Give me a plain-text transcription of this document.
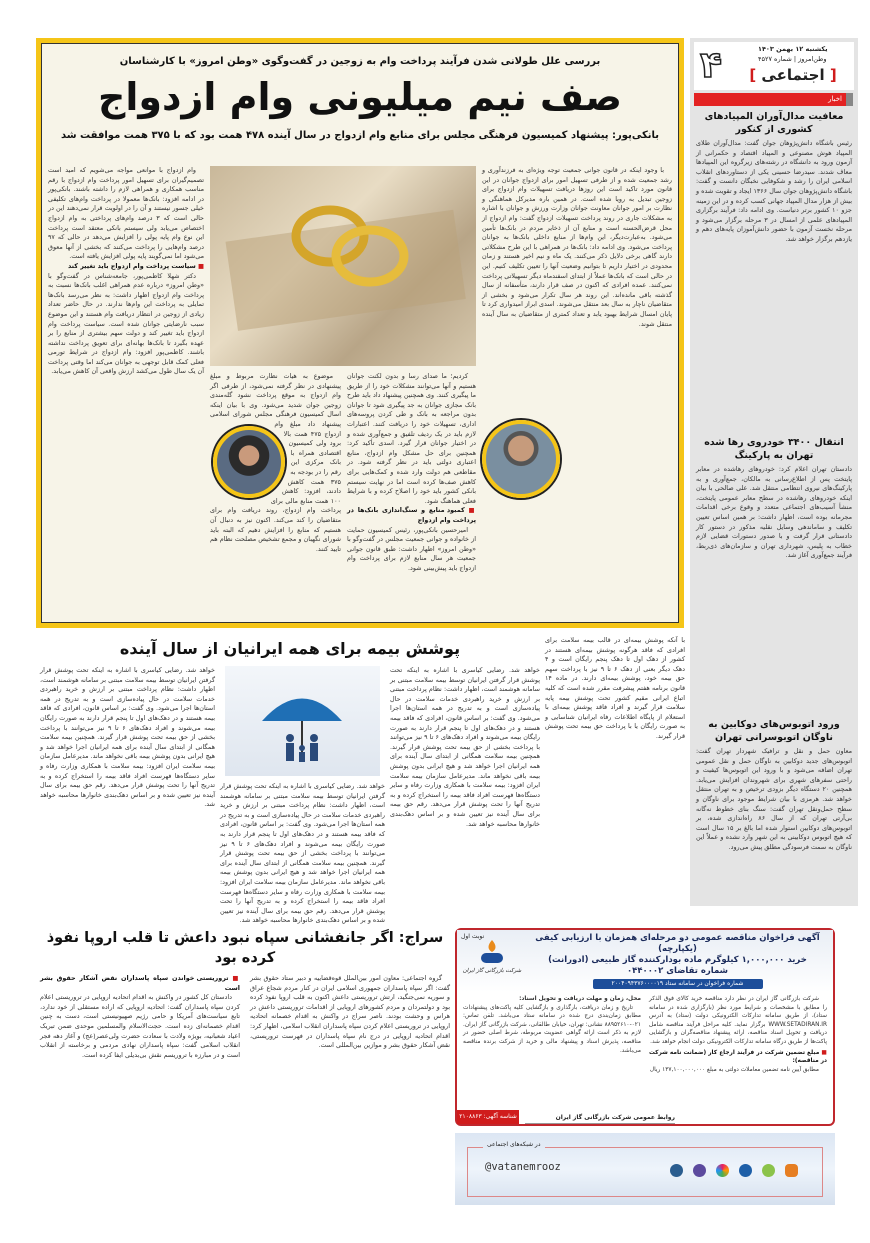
۴	یکشنبه ۱۲ بهمن ۱۴۰۳
وطن‌امروز | شماره ۴۵۲۷
[ اجتماعی ]
اخبار
معافیت مدال‌آوران المپیادهای کشوری از کنکور
رئیس باشگاه دانش‌پژوهان جوان گفت: مدال‌آوران طلای المپیاد هوش مصنوعی و المپیاد اقتصاد و حکمرانی از آزمون ورود به دانشگاه در رشته‌های زیرگروه این المپیادها معاف شدند. سیدرضا حسینی یکی از دستاوردهای انقلاب اسلامی ایران را رشد و شکوفایی نخبگان دانست و گفت: باشگاه دانش‌پژوهان جوان سال ۱۳۶۶ ایجاد و تقویت شده و بیش از هزار مدال المپیاد جهانی کسب کرده و در این زمینه جزو ۱۰ کشور برتر دنیاست. وی ادامه داد: فرآیند برگزاری المپیادهای علمی از امسال در ۳ مرحله برگزار می‌شود و مرحله نخست آزمون با حضور دانش‌آموزان پایه‌های دهم و یازدهم برگزار خواهد شد.
انتقال ۳۴۰۰ خودروی رها شده تهران به پارکینگ
دادستان تهران اعلام کرد: خودروهای رهاشده در معابر پایتخت پس از اطلاع‌رسانی به مالکان، جمع‌آوری و به پارکینگ‌های نیروی انتظامی منتقل شد. علی صالحی با بیان اینکه خودروهای رهاشده در سطح معابر عمومی پایتخت، منشأ آسیب‌های اجتماعی متعدد و وقوع برخی اقدامات مجرمانه بوده است، اظهار داشت: بر همین اساس تعیین تکلیف و ساماندهی وسایل نقلیه مذکور در دستور کار دادستانی قرار گرفت و با صدور دستورات قضایی لازم خطاب به پلیس، شهرداری تهران و سازمان‌های ذی‌ربط، فرآیند جمع‌آوری آغاز شد.
ورود اتوبوس‌های دوکابین به ناوگان اتوبوسرانی تهران
معاون حمل و نقل و ترافیک شهردار تهران گفت: اتوبوس‌های جدید دوکابین به ناوگان حمل و نقل عمومی تهران اضافه می‌شود و با ورود این اتوبوس‌ها کیفیت و راحتی سفرهای شهری برای شهروندان افزایش می‌یابد. همچنین ۲۰ دستگاه دیگر بزودی ترخیص و به تهران منتقل خواهد شد. هرمزی با بیان شرایط موجود برای ناوگان و سطح حمل‌ونقل تهران گفت: سنگ بنای خطوط نه‌گانه بی‌آرتی تهران که از سال ۸۶ راه‌اندازی شده، بر اتوبوس‌های دوکابین استوار شده اما بالغ بر ۱۵ سال است که هیچ اتوبوس دوکابینی به این شهر وارد نشده و عملاً این ناوگان به سمت فرسودگی مطلق پیش می‌رود.
بررسی علل طولانی شدن فرآیند پرداخت وام به زوجین در گفت‌وگوی «وطن امروز» با کارشناسان
صف نیم میلیونی وام ازدواج
بانکی‌پور: پیشنهاد کمیسیون فرهنگی مجلس برای منابع وام ازدواج در سال آینده ۴۷۸ همت بود که با ۳۷۵ همت موافقت شد

با وجود اینکه در قانون جوانی جمعیت توجه ویژه‌ای به فرزندآوری و رشد جمعیت شده و از طرفی تسهیل امور برای ازدواج جوانان در این قانون مورد تاکید است این روزها دریافت تسهیلات وام ازدواج برای زوجین تبدیل به رویا شده است. در همین باره مدیرکل هماهنگی و نظارت بر امور جوانان معاونت جوانان وزارت ورزش و جوانان با اشاره به مشکلات جاری در روند پرداخت تسهیلات ازدواج گفت: وام ازدواج از محل قرض‌الحسنه است و منابع آن از ذخایر مردم در بانک‌ها تأمین می‌شود. به‌عبارت‌دیگر، این وام‌ها از منابع داخلی بانک‌ها به جوانان پرداخت می‌شود. وی ادامه داد: بانک‌ها در همراهی با این طرح مشکلاتی دارند گاهی برخی دلایل ذکر می‌کنند. یک ماه و نیم اخیر هستند و زمان محدودی در اختیار داریم تا بتوانیم وضعیت آنها را تعیین تکلیف کنیم. این در حالی است که بانک‌ها عملاً از ابتدای اسفندماه دیگر تسهیلاتی پرداخت نمی‌کنند. عمده افرادی که اکنون در صف قرار دارند، متأسفانه از سال گذشته باقی مانده‌اند. این روند هر سال تکرار می‌شود و بخشی از متقاضیان ناچار به سال بعد منتقل می‌شوند. اسدی ابراز امیدواری کرد تا پایان امسال شرایط بهبود یابد و تعداد کمتری از متقاضیان به سال آینده منتقل شوند.

کردیم؛ ما صدای رسا و بدون لکنت جوانان هستیم و آنها می‌توانند مشکلات خود را از طریق ما پیگیری کنند. وی همچنین پیشنهاد داد باید طرح بانک مجازی جوانان به جد پیگیری شود تا جوانان بدون مراجعه به بانک و طی کردن پروسه‌های اداری، تسهیلات خود را دریافت کنند. اعتبارات لازم باید در یک ردیف تلفیق و جمع‌آوری شده و در اختیار جوانان قرار گیرد. اسدی تأکید کرد: همچنین برای حل مشکل وام ازدواج، منابع اعتباری دولتی باید در نظر گرفته شود. در مقاطعی هم دولت وارد شده و کمک‌هایی برای کاهش صف‌ها کرده است اما در نهایت سیستم بانکی کشور باید خود را اصلاح کرده و با شرایط فعلی هماهنگ شود.

■ کمبود منابع و سنگ‌اندازی بانک‌ها در پرداخت وام ازدواج

امیرحسین بانکی‌پور، رئیس کمیسیون حمایت از خانواده و جوانی جمعیت مجلس در گفت‌وگو با «وطن امروز» اظهار داشت: طبق قانون جوانی جمعیت هر سال منابع لازم برای پرداخت وام ازدواج باید پیش‌بینی شود.

موضوع به هیات نظارت مربوط و مبلغ پیشنهادی در نظر گرفته نمی‌شود، از طرفی اگر وام ازدواج به موقع پرداخت نشود گله‌مندی زوجین جوان شدید می‌شود. وی با بیان اینکه اسال کمیسیون فرهنگی مجلس شورای اسلامی پیشنهاد داد مبلغ وام ازدواج ۴۷۵ همت بالا برود ولی کمیسیون اقتصادی همراه با بانک مرکزی این رقم را در بودجه به ۳۷۵ همت کاهش دادند، افزود: کاهش ۱۰۰ همت منابع مالی برای پرداخت وام ازدواج، روند دریافت وام برای متقاضیان را کند می‌کند. اکنون نیز به دنبال آن هستیم که منابع را افزایش دهیم که البته باید شورای نگهبان و مجمع تشخیص مصلحت نظام هم تایید کنند.

وام ازدواج با موانعی مواجه می‌شویم که امید است تصمیم‌گیران برای تسهیل امور پرداخت وام ازدواج با رقم مناسب همکاری و همراهی لازم را داشته باشند. بانکی‌پور در ادامه افزود: بانک‌ها معمولا در پرداخت وام‌های تکلیفی خیلی جسور نیستند و آن را در اولویت قرار نمی‌دهند این در حالی است که ۳ درصد وام‌های پرداختی به وام ازدواج اختصاص می‌یابد ولی سیستم بانکی معتقد است پرداخت این نوع وام پایه پولی را افزایش می‌دهد در حالی که ۹۷ درصد وام‌هایی را پرداخت می‌کنند که بخشی از آنها معوق می‌شود اما نمی‌گویند پایه پولی افزایش یافته است.

■ سیاست پرداخت وام ازدواج باید تغییر کند

دکتر شهلا کاظمی‌پور، جامعه‌شناس در گفت‌وگو با «وطن امروز» درباره عدم همراهی اغلب بانک‌ها نسبت به پرداخت وام ازدواج اظهار داشت: به نظر می‌رسد بانک‌ها تمایلی به پرداخت این وام‌ها ندارند. در حال حاضر تعداد زیادی از زوجین در انتظار دریافت وام هستند و این موضوع سبب نارضایتی جوانان شده است. سیاست پرداخت وام ازدواج باید تغییر کند و دولت سهم بیشتری از منابع را بر عهده بگیرد تا بانک‌ها بهانه‌ای برای تعویق پرداخت نداشته باشند. کاظمی‌پور افزود: وام ازدواج در شرایط تورمی فعلی کمک قابل توجهی به جوانان می‌کند اما وقتی پرداخت آن یک سال طول می‌کشد ارزش واقعی آن کاهش می‌یابد.

با آنکه پوشش بیمه‌ای در قالب بیمه سلامت برای افرادی که فاقد هرگونه پوشش بیمه‌ای هستند در کشور از دهک اول تا دهک پنجم رایگان است و ۴ دهک دیگر بعنی از دهک ۶ تا ۹ نیز با پرداخت سهم حق بیمه خود، پوشش بیمه‌ای دارند. در ماده ۱۴ قانون برنامه هفتم پیشرفت مقرر شده است که کلیه اتباع ایرانی مقیم کشور تحت پوشش بیمه پایه سلامت قرار گیرند و افراد فاقد پوشش بیمه‌ای با استعلام از پایگاه اطلاعات رفاه ایرانیان شناسایی و به صورت رایگان یا با پرداخت حق بیمه تحت پوشش قرار گیرند.
پوشش بیمه برای همه ایرانیان از سال آینده
خواهد شد. رضایی کیاسری با اشاره به اینکه تحت پوشش قرار گرفتن ایرانیان توسط بیمه سلامت مبتنی بر سامانه هوشمند است، اظهار داشت: نظام پرداخت مبتنی بر ارزش و خرید راهبردی خدمات سلامت در حال پیاده‌سازی است و به تدریج در همه استان‌ها اجرا می‌شود. وی گفت: بر اساس قانون، افرادی که فاقد بیمه هستند و در دهک‌های اول تا پنجم قرار دارند به صورت رایگان بیمه می‌شوند و افراد دهک‌های ۶ تا ۹ نیز می‌توانند با پرداخت بخشی از حق بیمه تحت پوشش قرار گیرند. همچنین بیمه سلامت همگانی از ابتدای سال آینده برای همه ایرانیان اجرا خواهد شد و هیچ ایرانی بدون پوشش بیمه باقی نخواهد ماند. مدیرعامل سازمان بیمه سلامت ایران افزود: بیمه سلامت با همکاری وزارت رفاه و سایر دستگاه‌ها فهرست افراد فاقد بیمه را استخراج کرده و به تدریج آنها را تحت پوشش قرار می‌دهد. رقم حق بیمه برای سال آینده نیز تعیین شده و بر اساس دهک‌بندی خانوارها محاسبه خواهد شد.
خواهد شد. رضایی کیاسری با اشاره به اینکه تحت پوشش قرار گرفتن ایرانیان توسط بیمه سلامت مبتنی بر سامانه هوشمند است، اظهار داشت: نظام پرداخت مبتنی بر ارزش و خرید راهبردی خدمات سلامت در حال پیاده‌سازی است و به تدریج در همه استان‌ها اجرا می‌شود. وی گفت: بر اساس قانون، افرادی که فاقد بیمه هستند و در دهک‌های اول تا پنجم قرار دارند به صورت رایگان بیمه می‌شوند و افراد دهک‌های ۶ تا ۹ نیز می‌توانند با پرداخت بخشی از حق بیمه تحت پوشش قرار گیرند. همچنین بیمه سلامت همگانی از ابتدای سال آینده برای همه ایرانیان اجرا خواهد شد و هیچ ایرانی بدون پوشش بیمه باقی نخواهد ماند. مدیرعامل سازمان بیمه سلامت ایران افزود: بیمه سلامت با همکاری وزارت رفاه و سایر دستگاه‌ها فهرست افراد فاقد بیمه را استخراج کرده و به تدریج آنها را تحت پوشش قرار می‌دهد. رقم حق بیمه برای سال آینده نیز تعیین شده و بر اساس دهک‌بندی خانوارها محاسبه خواهد شد.
خواهد شد. رضایی کیاسری با اشاره به اینکه تحت پوشش قرار گرفتن ایرانیان توسط بیمه سلامت مبتنی بر سامانه هوشمند است، اظهار داشت: نظام پرداخت مبتنی بر ارزش و خرید راهبردی خدمات سلامت در حال پیاده‌سازی است و به تدریج در همه استان‌ها اجرا می‌شود. وی گفت: بر اساس قانون، افرادی که فاقد بیمه هستند و در دهک‌های اول تا پنجم قرار دارند به صورت رایگان بیمه می‌شوند و افراد دهک‌های ۶ تا ۹ نیز می‌توانند با پرداخت بخشی از حق بیمه تحت پوشش قرار گیرند. همچنین بیمه سلامت همگانی از ابتدای سال آینده برای همه ایرانیان اجرا خواهد شد و هیچ ایرانی بدون پوشش بیمه باقی نخواهد ماند. مدیرعامل سازمان بیمه سلامت ایران افزود: بیمه سلامت با همکاری وزارت رفاه و سایر دستگاه‌ها فهرست افراد فاقد بیمه را استخراج کرده و به تدریج آنها را تحت پوشش قرار می‌دهد. رقم حق بیمه برای سال آینده نیز تعیین شده و بر اساس دهک‌بندی خانوارها محاسبه خواهد شد.
سراج: اگر جانفشانی سپاه نبود داعش تا قلب اروپا نفوذ کرده بود

گروه اجتماعی: معاون امور بین‌الملل قوه‌قضاییه و دبیر ستاد حقوق بشر گفت: اگر سپاه پاسداران جمهوری اسلامی ایران در کنار مردم شجاع عراق و سوریه نمی‌جنگید، ارتش تروریستی داعش اکنون به قلب اروپا نفوذ کرده بود و دولتمردان و مردم کشورهای اروپایی از اقدامات تروریستی داعش در هراس و وحشت بودند. ناصر سراج در واکنش به اقدام خصمانه اتحادیه اروپایی در تروریستی اعلام کردن سپاه پاسداران انقلاب اسلامی، اظهار کرد: اقدام اتحادیه اروپایی در درج نام سپاه پاسداران در فهرست تروریستی، نقض آشکار حقوق بشر و موازین بین‌المللی است.

■ تروریستی خواندن سپاه پاسداران نقض آشکار حقوق بشر است

دادستان کل کشور در واکنش به اقدام اتحادیه اروپایی در تروریستی اعلام کردن سپاه پاسداران گفت: اتحادیه اروپایی که اراده مستقلی از خود ندارد، تابع سیاست‌های آمریکا و حامی رژیم صهیونیستی است، دست به چنین اقدام خصمانه‌ای زده است. حجت‌الاسلام والمسلمین موحدی ضمن تبریک اعیاد شعبانیه، بویژه ولادت با سعادت حضرت ولی‌عصر(عج) و آغاز دهه فجر انقلاب اسلامی گفت: سپاه پاسداران نهادی مردمی و برخاسته از انقلاب است و در مبارزه با تروریسم نقش بی‌بدیلی ایفا کرده است.

نوبت اول
شرکت بازرگانی گاز ایران
آگهی فراخوان مناقصه عمومی دو مرحله‌ای همزمان با ارزیابی کیفی (یکپارچه)
خرید ۱,۰۰۰,۰۰۰ کیلوگرم ماده بودارکننده گاز طبیعی (ادورانت)
شماره تقاضای ۰۴۴۰۰۰۲
شماره فراخوان در سامانه ستاد ۲۰۰۴۰۹۴۳۷۶۰۰۰۰۱۹

شرکت بازرگانی گاز ایران در نظر دارد مناقصه خرید کالای فوق الذکر را مطابق با مشخصات و شرایط مورد نظر (بارگزاری شده در سامانه ستاد)، از طریق سامانه تدارکات الکترونیکی دولت (ستاد) به آدرس WWW.SETADIRAN.IR برگزار نماید. کلیه مراحل فرآیند مناقصه شامل دریافت و تحویل اسناد مناقصه، ارائه پیشنهاد مناقصه‌گران و بازگشایی پاکت‌ها از طریق درگاه سامانه تدارکات الکترونیکی دولت انجام خواهد شد.

■ مبلغ تضمین شرکت در فرآیند ارجاع کار (ضمانت نامه شرکت در مناقصه):

مطابق آیین نامه تضمین معاملات دولتی به مبلغ ۱۳۷,۱۰۰,۰۰۰,۰۰۰ ریال

محل، زمان و مهلت دریافت و تحویل اسناد:

تاریخ و زمان دریافت، بارگذاری و بازگشایی کلیه پاکت‌های پیشنهادات مطابق زمان‌بندی درج شده در سامانه ستاد می‌باشد. تلفن تماس: ۰۲۱-۸۸۹۵۲۶۱۰ نشانی: تهران، خیابان طالقانی، شرکت بازرگانی گاز ایران. لازم به ذکر است ارائه گواهی عضویت مربوطه، شرط اصلی حضور در مناقصه، پذیرش اسناد و پیشنهاد مالی و خرید از شرکت برنده مناقصه می‌باشد.

شناسه آگهی: ۲۱۰۸۸۶۳	روابط عمومی شرکت بازرگانی گاز ایران
در شبکه‌های اجتماعی
@vatanemrooz
